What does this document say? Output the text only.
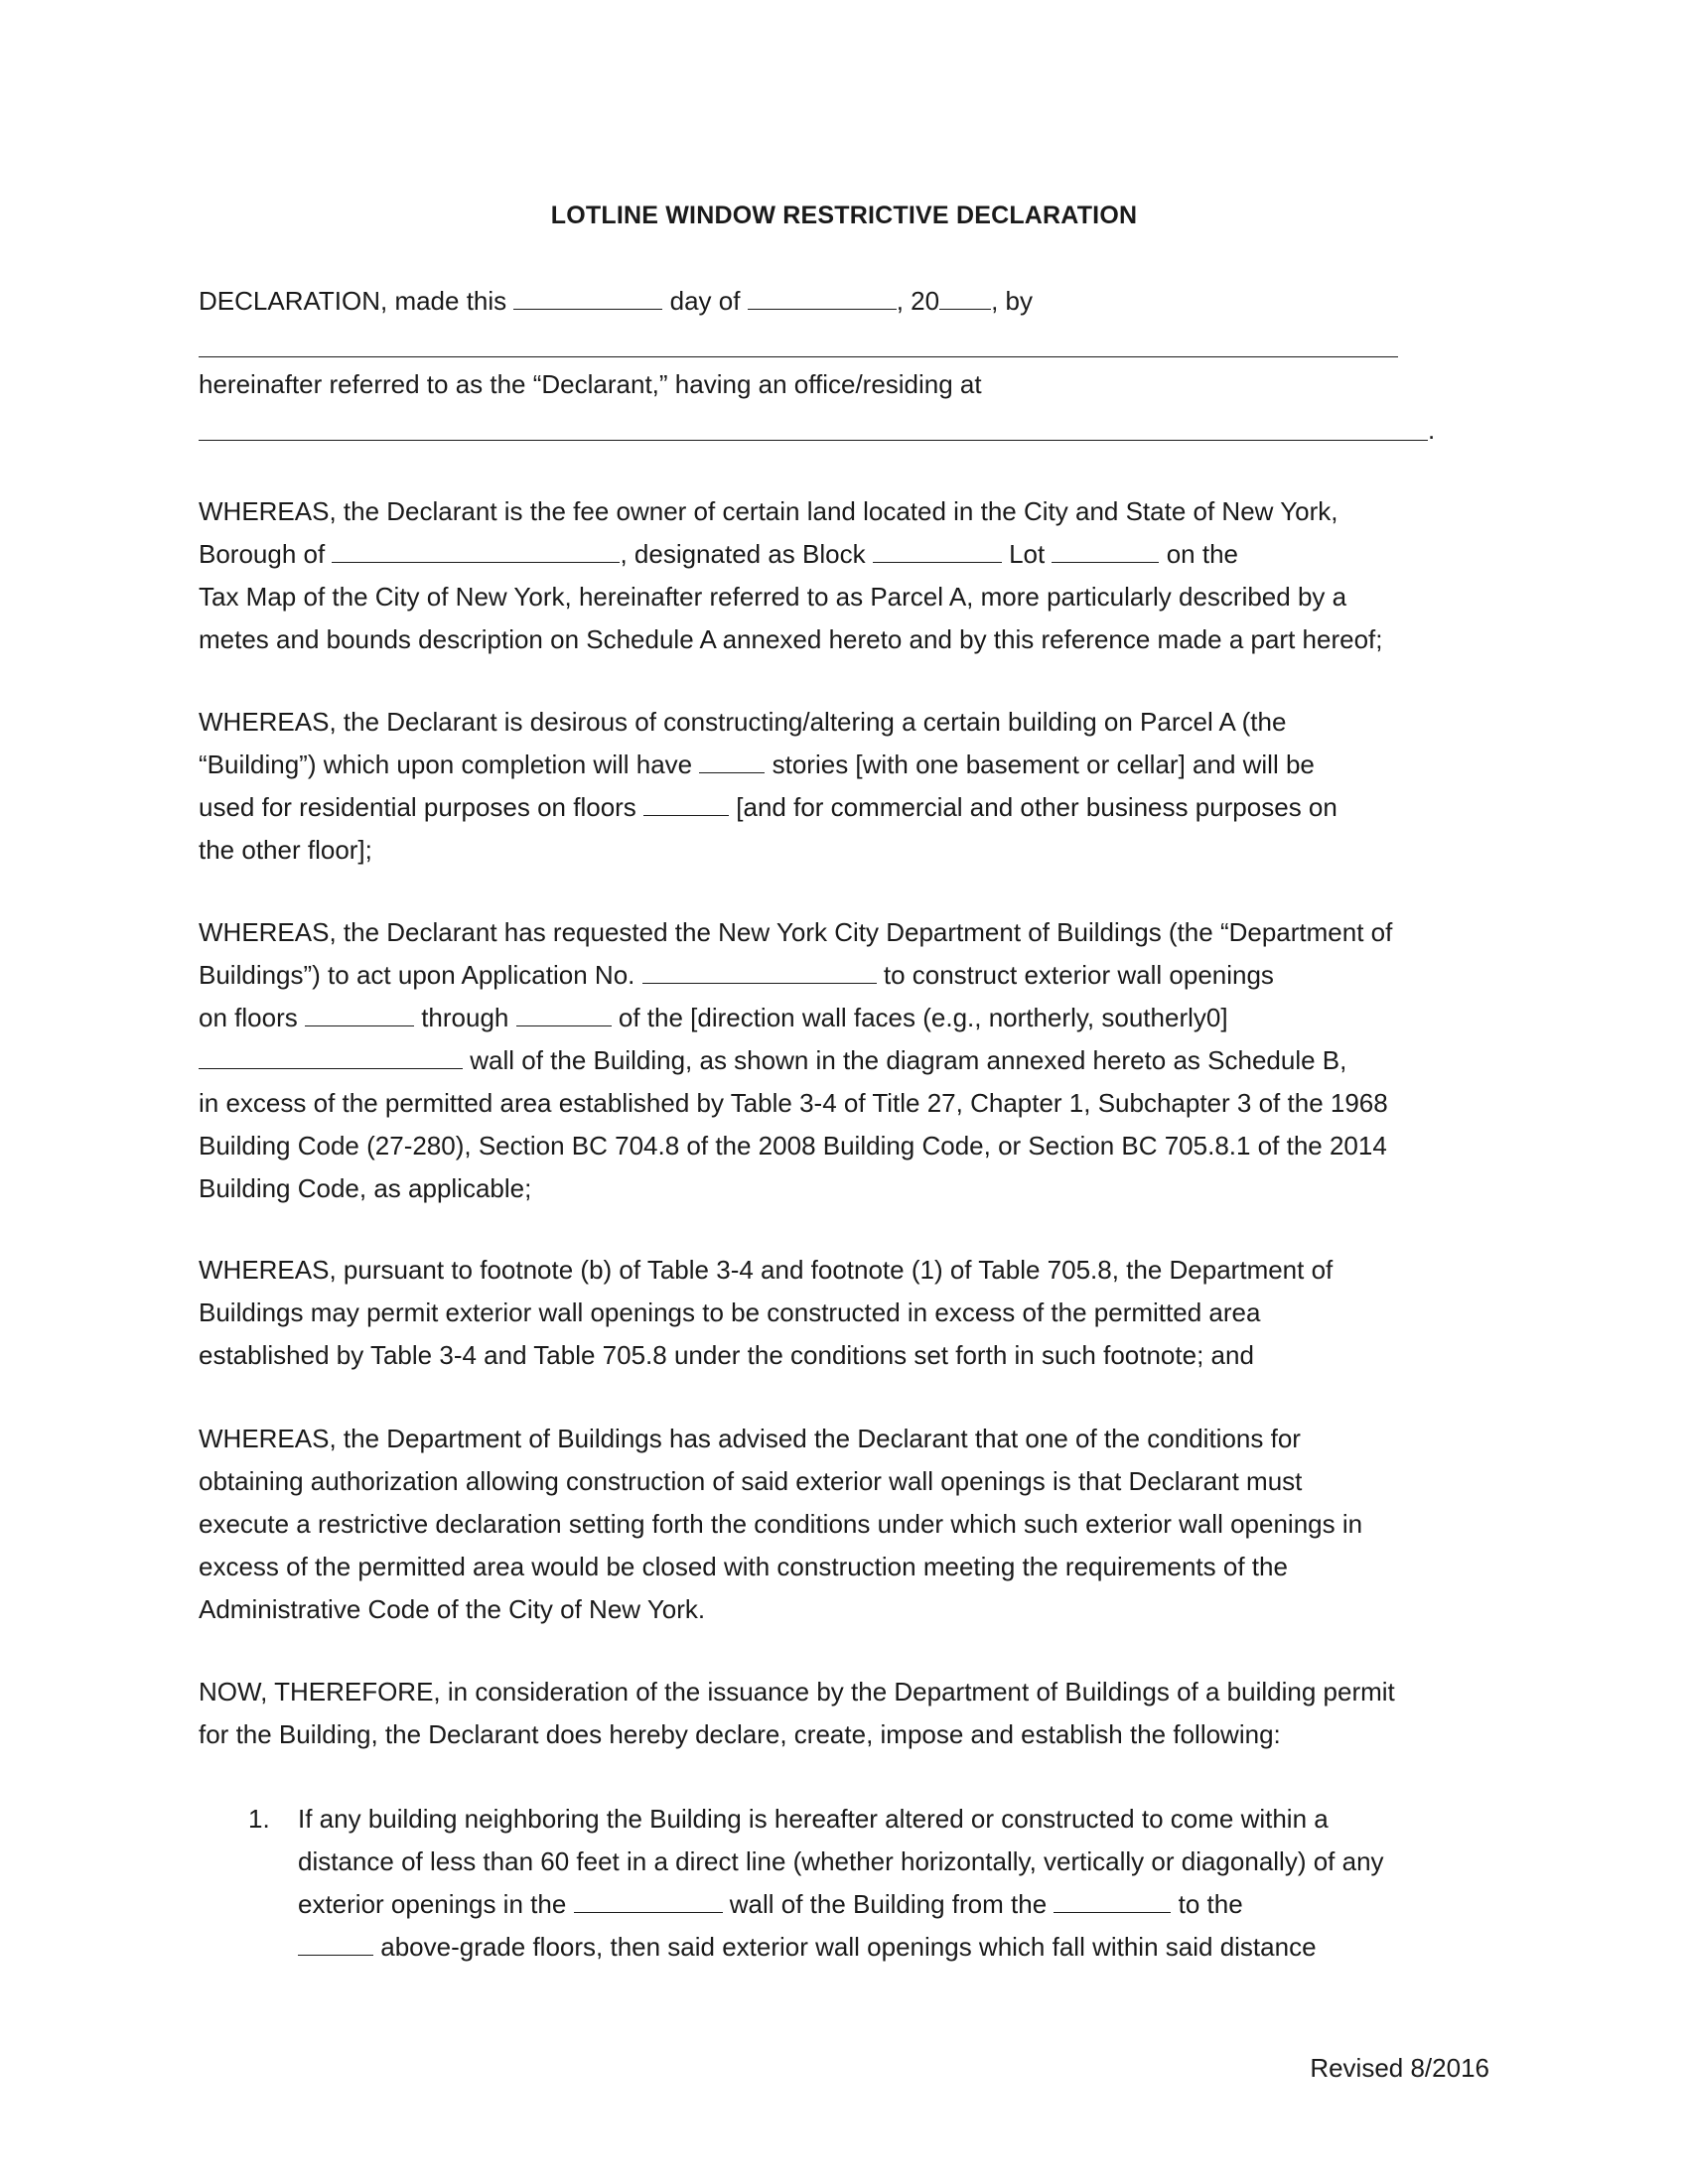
LOTLINE WINDOW RESTRICTIVE DECLARATION
DECLARATION, made this	day of	, 20 , by
hereinafter referred to as the “Declarant,” having an office/residing at
.
WHEREAS, the Declarant is the fee owner of certain land located in the City and State of New York,
Borough of	, designated as Block	Lot	on the
Tax Map of the City of New York, hereinafter referred to as Parcel A, more particularly described by a
metes and bounds description on Schedule A annexed hereto and by this reference made a part hereof;
WHEREAS, the Declarant is desirous of constructing/altering a certain building on Parcel A (the
“Building”) which upon completion will have	stories [with one basement or cellar] and will be
used for residential purposes on floors	[and for commercial and other business purposes on
the other floor];
WHEREAS, the Declarant has requested the New York City Department of Buildings (the “Department of
Buildings”) to act upon Application No.	to construct exterior wall openings
on floors	through	of the [direction wall faces (e.g., northerly, southerly0]
wall of the Building, as shown in the diagram annexed hereto as Schedule B,
in excess of the permitted area established by Table 3-4 of Title 27, Chapter 1, Subchapter 3 of the 1968
Building Code (27-280), Section BC 704.8 of the 2008 Building Code, or Section BC 705.8.1 of the 2014
Building Code, as applicable;
WHEREAS, pursuant to footnote (b) of Table 3-4 and footnote (1) of Table 705.8, the Department of
Buildings may permit exterior wall openings to be constructed in excess of the permitted area
established by Table 3-4 and Table 705.8 under the conditions set forth in such footnote; and
WHEREAS, the Department of Buildings has advised the Declarant that one of the conditions for
obtaining authorization allowing construction of said exterior wall openings is that Declarant must
execute a restrictive declaration setting forth the conditions under which such exterior wall openings in
excess of the permitted area would be closed with construction meeting the requirements of the
Administrative Code of the City of New York.
NOW, THEREFORE, in consideration of the issuance by the Department of Buildings of a building permit
for the Building, the Declarant does hereby declare, create, impose and establish the following:
1. If any building neighboring the Building is hereafter altered or constructed to come within a
distance of less than 60 feet in a direct line (whether horizontally, vertically or diagonally) of any
exterior openings in the	wall of the Building from the	to the
above-grade floors, then said exterior wall openings which fall within said distance
Revised 8/2016
